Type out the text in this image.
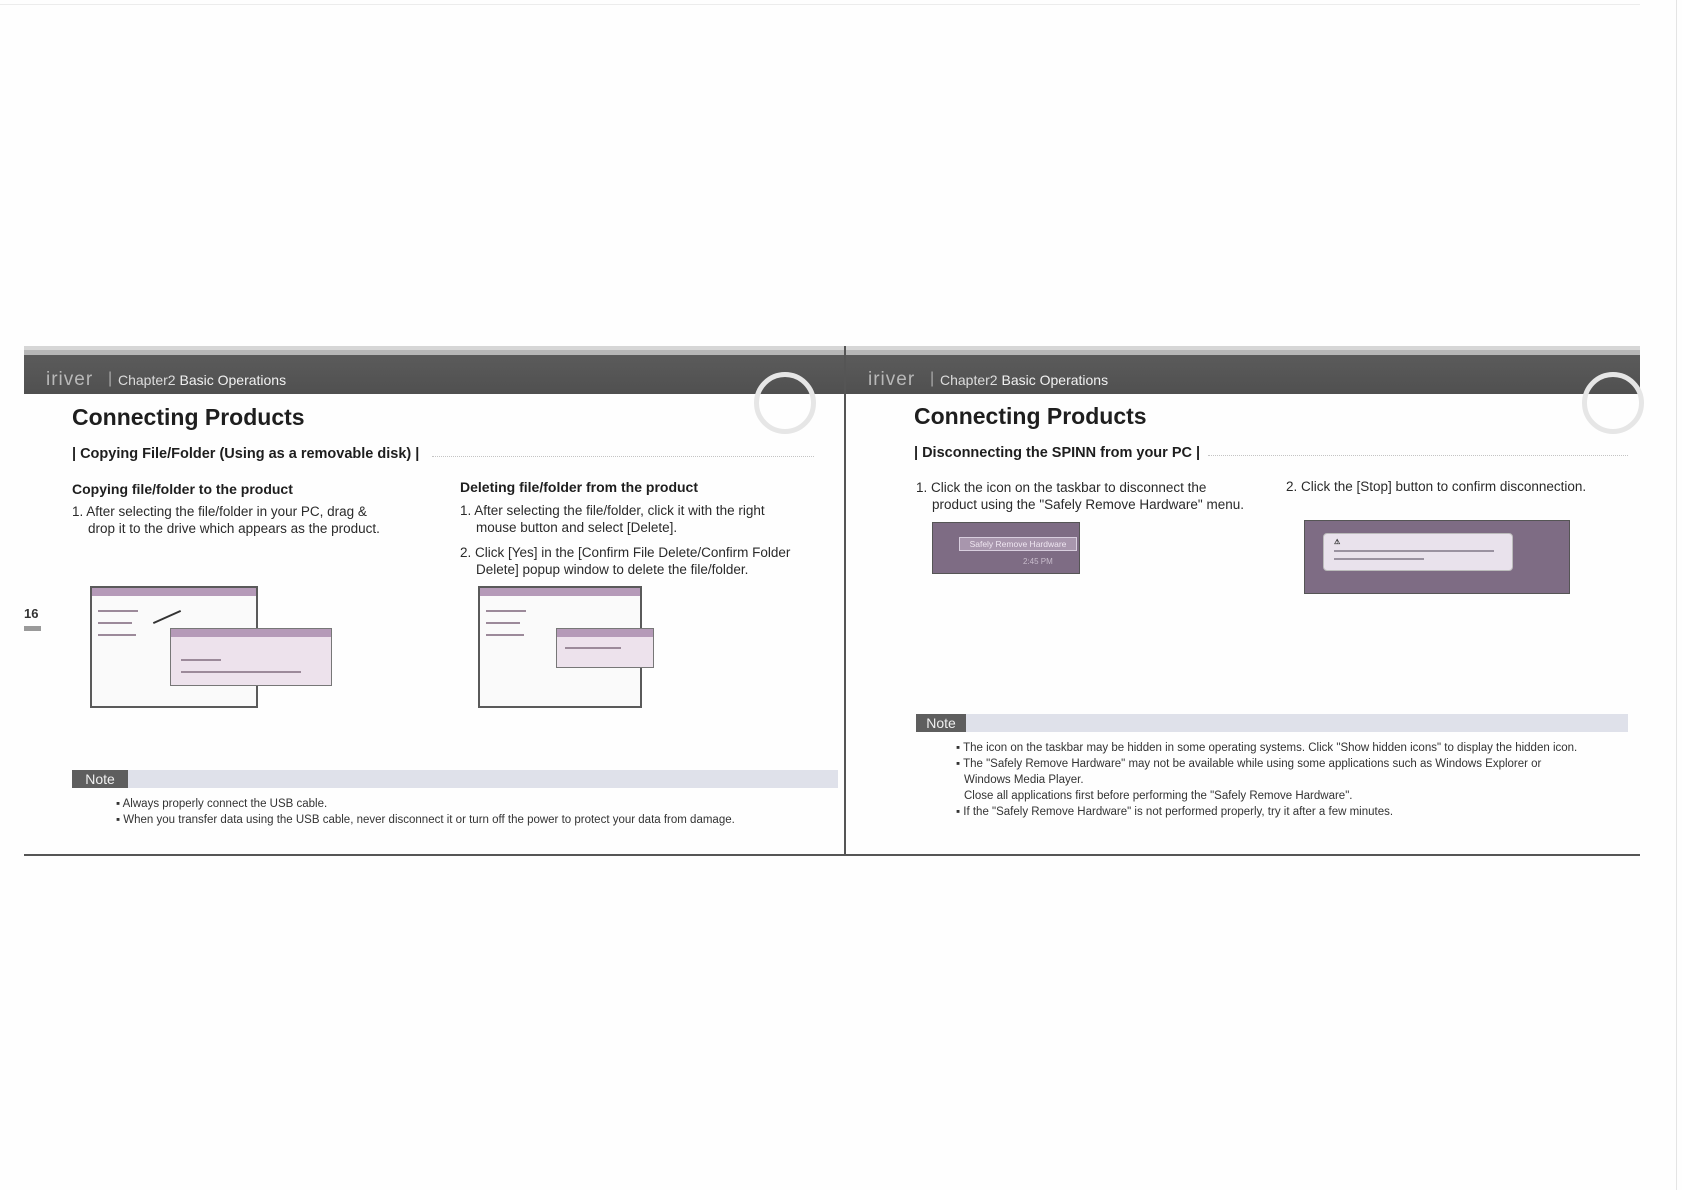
iriver | Chapter2 Basic Operations
Connecting Products
| Copying File/Folder (Using as a removable disk) |
Copying file/folder to the product
1. After selecting the file/folder in your PC, drag &
drop it to the drive which appears as the product.
Deleting file/folder from the product
1. After selecting the file/folder, click it with the right
mouse button and select [Delete].
2. Click [Yes] in the [Confirm File Delete/Confirm Folder
Delete] popup window to delete the file/folder.
16
Note
▪ Always properly connect the USB cable.
▪ When you transfer data using the USB cable, never disconnect it or turn off the power to protect your data from damage.
iriver | Chapter2 Basic Operations
Connecting Products
| Disconnecting the SPINN from your PC |
1. Click the icon on the taskbar to disconnect the
product using the "Safely Remove Hardware" menu.
2. Click the [Stop] button to confirm disconnection.
Safely Remove Hardware
2:45 PM
⚠
Note
▪ The icon on the taskbar may be hidden in some operating systems. Click "Show hidden icons" to display the hidden icon.
▪ The "Safely Remove Hardware" may not be available while using some applications such as Windows Explorer or
Windows Media Player.
Close all applications first before performing the "Safely Remove Hardware".
▪ If the "Safely Remove Hardware" is not performed properly, try it after a few minutes.
